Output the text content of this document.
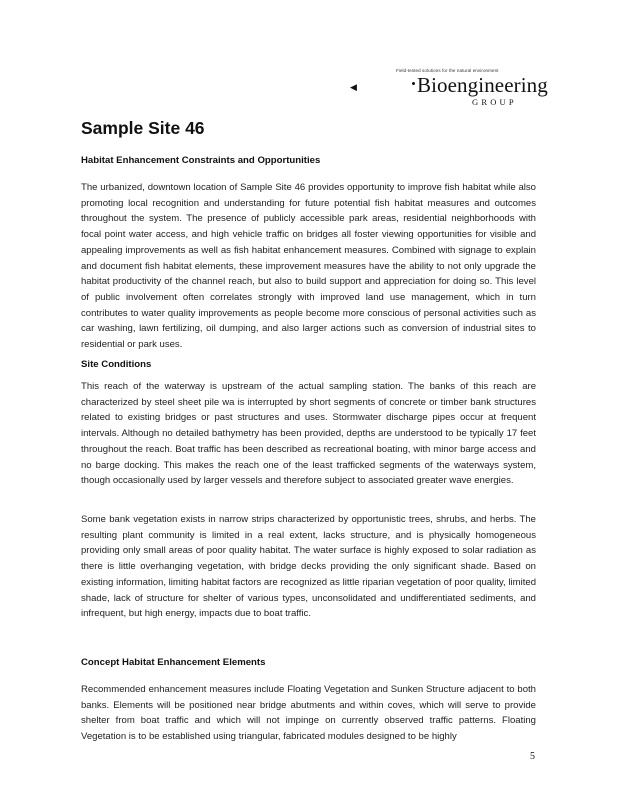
Field-tested solutions for the natural environment
◀	Bioengineering
GROUP
Sample Site 46
Habitat Enhancement Constraints and Opportunities

The urbanized, downtown location of Sample Site 46 provides opportunity to improve fish habitat while also promoting local recognition and understanding for future potential fish habitat measures and outcomes throughout the system. The presence of publicly accessible park areas, residential neighborhoods with focal point water access, and high vehicle traffic on bridges all foster viewing opportunities for visible and appealing improvements as well as fish habitat enhancement measures. Combined with signage to explain and document fish habitat elements, these improvement measures have the ability to not only upgrade the habitat productivity of the channel reach, but also to build support and appreciation for doing so. This level of public involvement often correlates strongly with improved land use management, which in turn contributes to water quality improvements as people become more conscious of personal activities such as car washing, lawn fertilizing, oil dumping, and also larger actions such as conversion of industrial sites to residential or park uses.

Site Conditions

This reach of the waterway is upstream of the actual sampling station. The banks of this reach are characterized by steel sheet pile wa is interrupted by short segments of concrete or timber bank structures related to existing bridges or past structures and uses. Stormwater discharge pipes occur at frequent intervals. Although no detailed bathymetry has been provided, depths are understood to be typically 17 feet throughout the reach. Boat traffic has been described as recreational boating, with minor barge access and no barge docking. This makes the reach one of the least trafficked segments of the waterways system, though occasionally used by larger vessels and therefore subject to associated greater wave energies.

Some bank vegetation exists in narrow strips characterized by opportunistic trees, shrubs, and herbs. The resulting plant community is limited in a real extent, lacks structure, and is physically homogeneous providing only small areas of poor quality habitat. The water surface is highly exposed to solar radiation as there is little overhanging vegetation, with bridge decks providing the only significant shade. Based on existing information, limiting habitat factors are recognized as little riparian vegetation of poor quality, limited shade, lack of structure for shelter of various types, unconsolidated and undifferentiated sediments, and infrequent, but high energy, impacts due to boat traffic.

Concept Habitat Enhancement Elements

Recommended enhancement measures include Floating Vegetation and Sunken Structure adjacent to both banks. Elements will be positioned near bridge abutments and within coves, which will serve to provide shelter from boat traffic and which will not impinge on currently observed traffic patterns. Floating Vegetation is to be established using triangular, fabricated modules designed to be highly

5
